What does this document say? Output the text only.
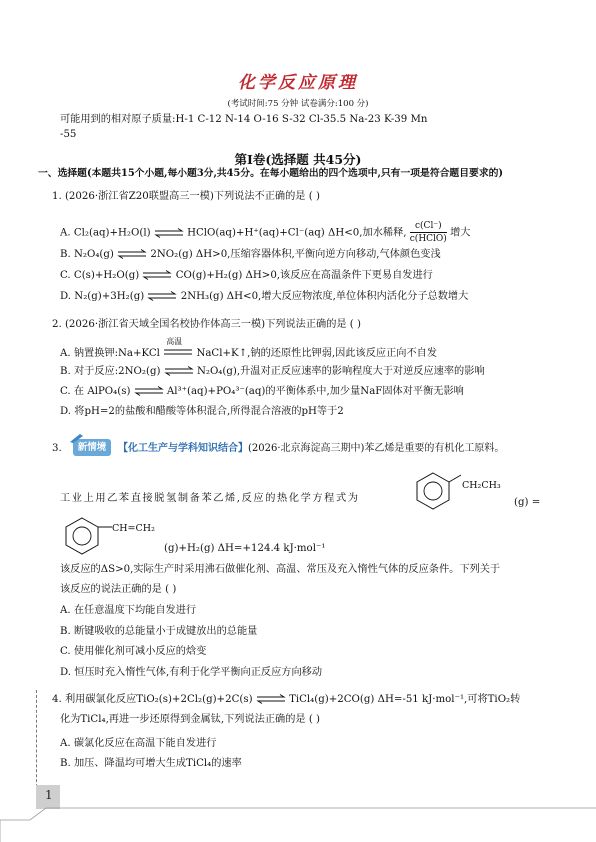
化学反应原理
(考试时间:75 分钟 试卷满分:100 分)
可能用到的相对原子质量:H-1 C-12 N-14 O-16 S-32 Cl-35.5 Na-23 K-39 Mn
-55
第Ⅰ卷(选择题 共45分)
一、选择题(本题共15个小题,每小题3分,共45分。在每小题给出的四个选项中,只有一项是符合题目要求的)
1. (2026·浙江省Z20联盟高三一模)下列说法不正确的是 ( )
A. Cl₂(aq)+H₂O(l) ⇌ HClO(aq)+H⁺(aq)+Cl⁻(aq) ΔH<0,加水稀释, $\frac{c(Cl^-)}{\text{c(HClO)}}$ 增大
B. N₂O₄(g) ⇌ 2NO₂(g) ΔH>0,压缩容器体积,平衡向逆方向移动,气体颜色变浅
C. C(s)+H₂O(g) ⇌ CO(g)+H₂(g) ΔH>0,该反应在高温条件下更易自发进行
D. N₂(g)+3H₂(g) ⇌ 2NH₃(g) ΔH<0,增大反应物浓度,单位体积内活化分子总数增大
2. (2026·浙江省天域全国名校协作体高三一模)下列说法正确的是 ( )
A. 钠置换钾:Na+KCl
高温
NaCl+K↑,钠的还原性比钾弱,因此该反应正向不自发
B. 对于反应:2NO₂(g) ⇌ N₂O₄(g),升温对正反应速率的影响程度大于对逆反应速率的影响
C. 在 AlPO₄(s) ⇌ Al³⁺(aq)+PO₄³⁻(aq)的平衡体系中,加少量NaF固体对平衡无影响
D. 将pH=2的盐酸和醋酸等体积混合,所得混合溶液的pH等于2
3.	新情境	【化工生产与学科知识结合】(2026·北京海淀高三期中)苯乙烯是重要的有机化工原料。
工业上用乙苯直接脱氢制备苯乙烯,反应的热化学方程式为
CH₂CH₃
(g) =
CH=CH₂
(g)+H₂(g) ΔH=+124.4 kJ·mol⁻¹
该反应的ΔS>0,实际生产时采用沸石做催化剂、高温、常压及充入惰性气体的反应条件。下列关于
该反应的说法正确的是 ( )
A. 在任意温度下均能自发进行
B. 断键吸收的总能量小于成键放出的总能量
C. 使用催化剂可减小反应的焓变
D. 恒压时充入惰性气体,有利于化学平衡向正反应方向移动
4. 利用碳氯化反应TiO₂(s)+2Cl₂(g)+2C(s) ⇌ TiCl₄(g)+2CO(g) ΔH=-51 kJ·mol⁻¹,可将TiO₂转
化为TiCl₄,再进一步还原得到金属钛,下列说法正确的是 ( )
A. 碳氯化反应在高温下能自发进行
B. 加压、降温均可增大生成TiCl₄的速率
1
